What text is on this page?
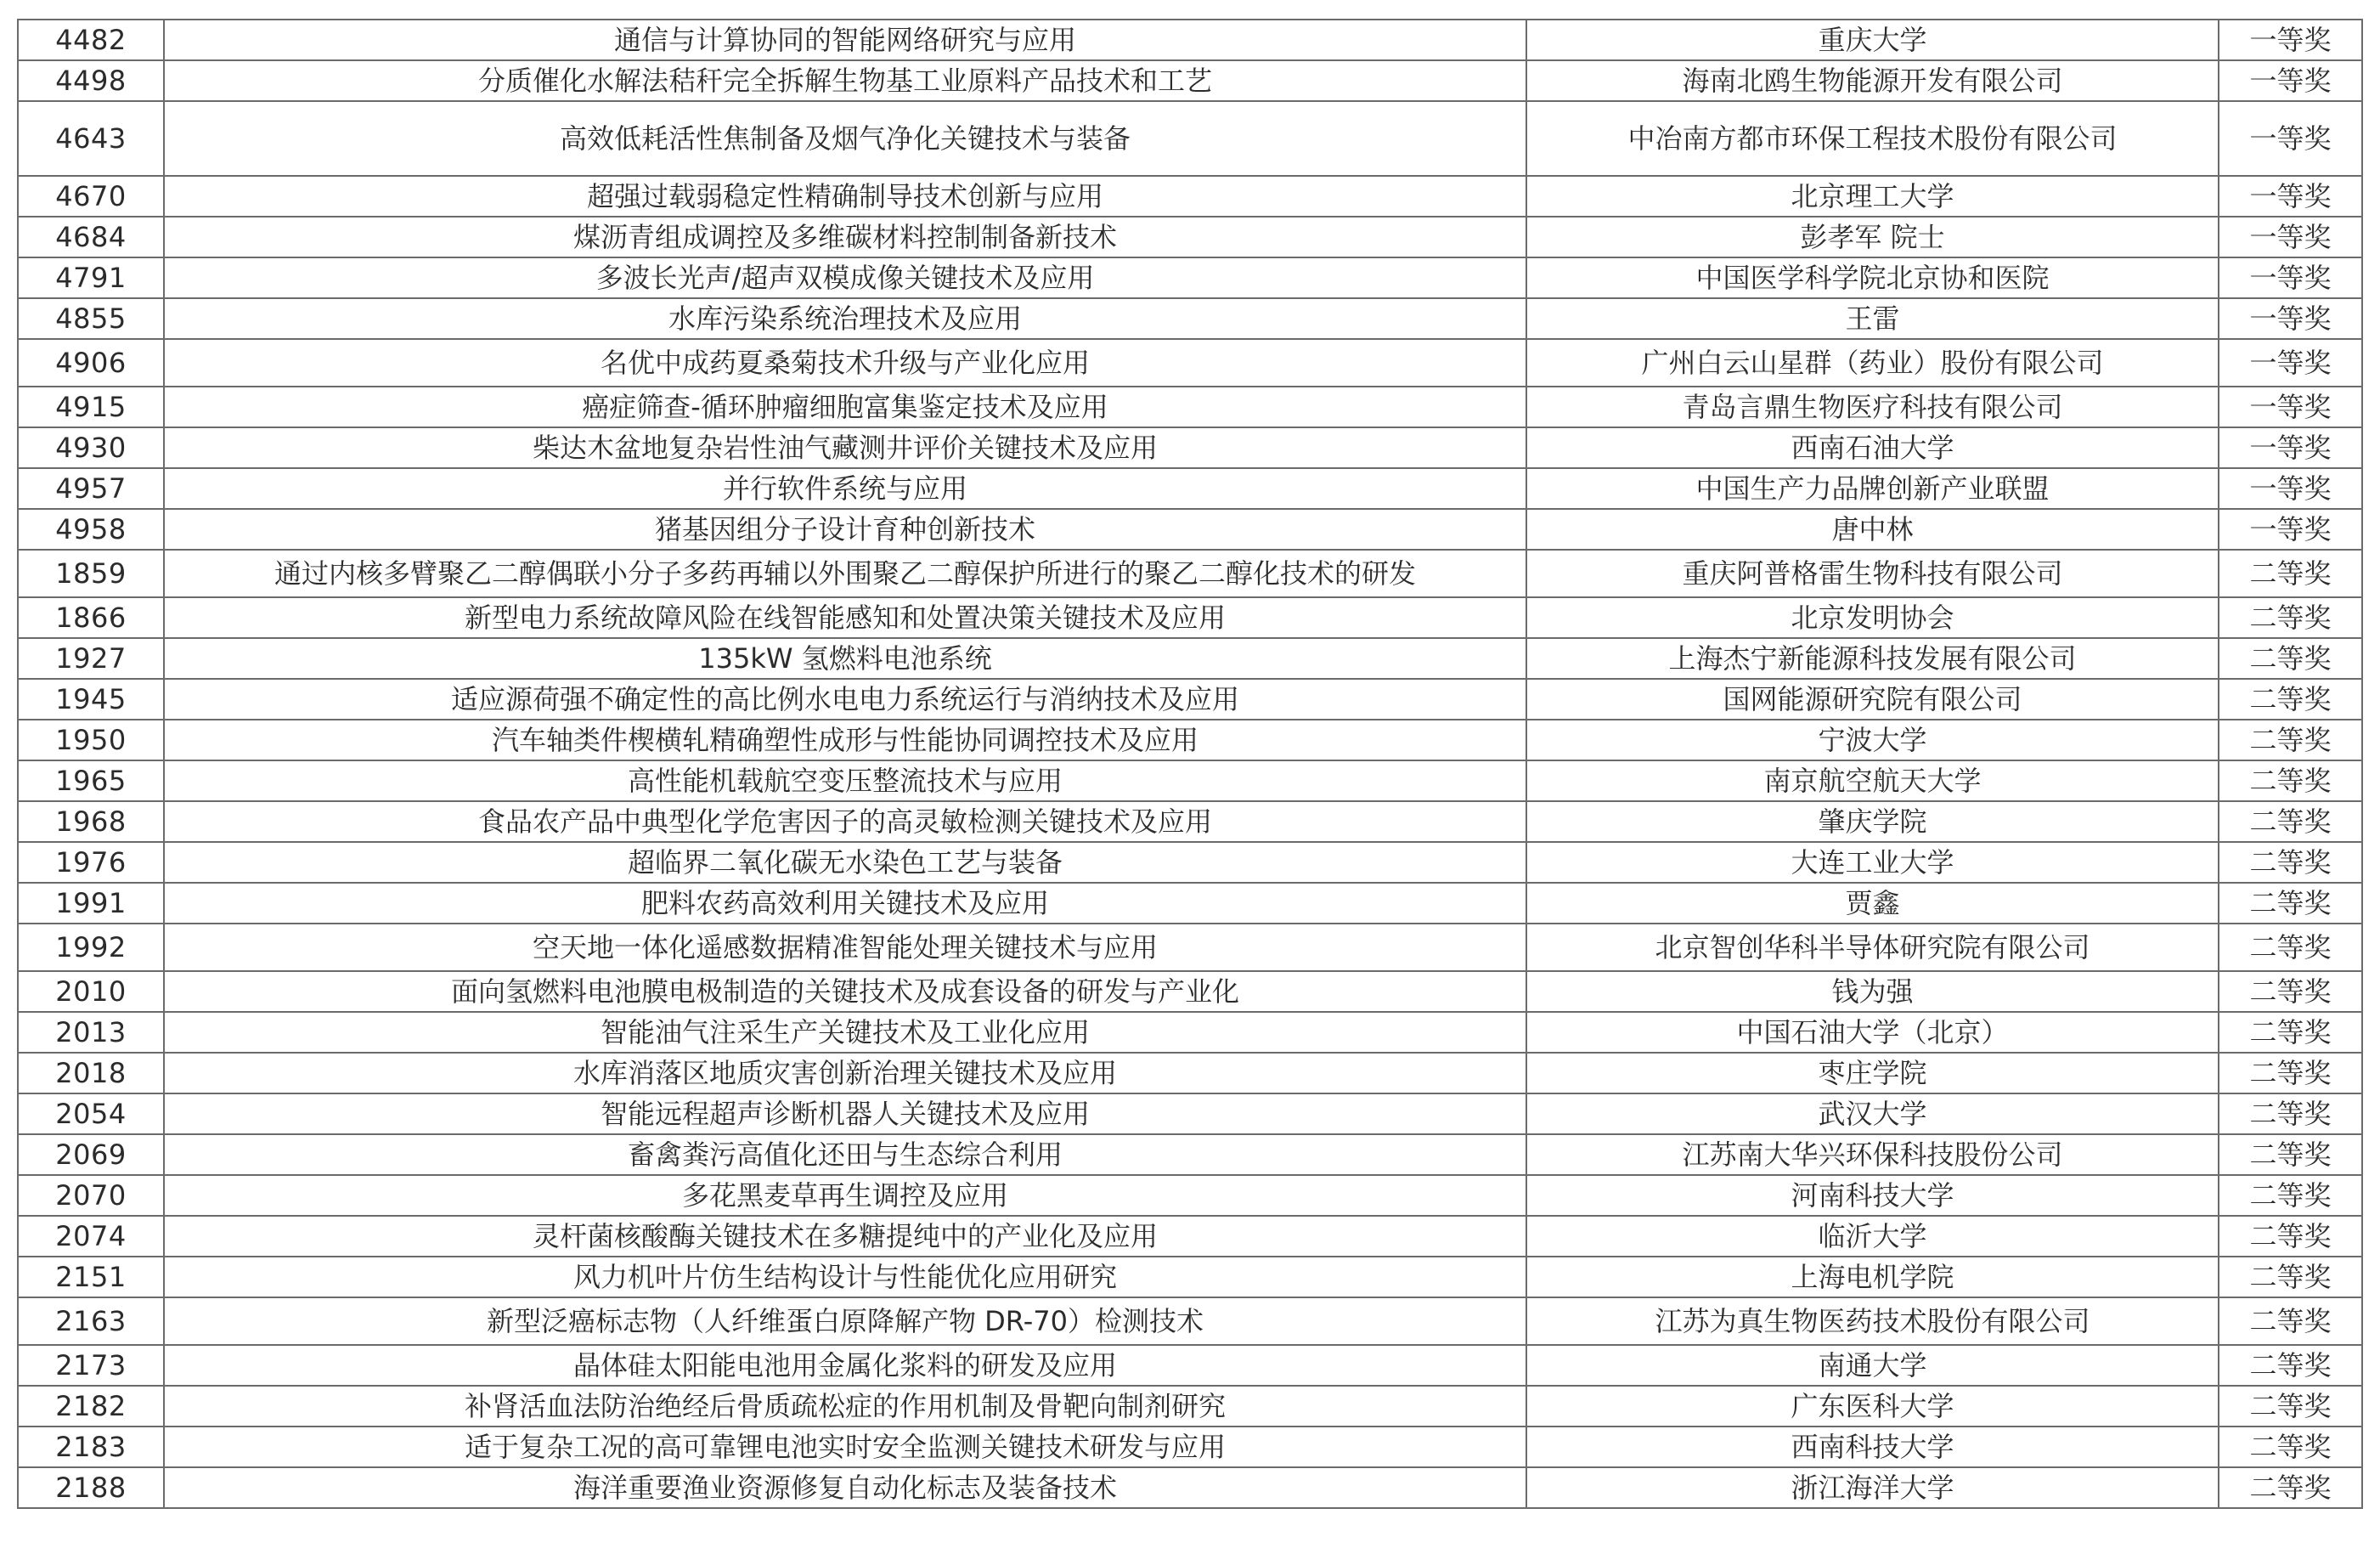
4482	通信与计算协同的智能网络研究与应用	重庆大学	一等奖
4498	分质催化水解法秸秆完全拆解生物基工业原料产品技术和工艺	海南北鸥生物能源开发有限公司	一等奖
4643	高效低耗活性焦制备及烟气净化关键技术与装备	中冶南方都市环保工程技术股份有限公司	一等奖
4670	超强过载弱稳定性精确制导技术创新与应用	北京理工大学	一等奖
4684	煤沥青组成调控及多维碳材料控制制备新技术	彭孝军 院士	一等奖
4791	多波长光声/超声双模成像关键技术及应用	中国医学科学院北京协和医院	一等奖
4855	水库污染系统治理技术及应用	王雷	一等奖
4906	名优中成药夏桑菊技术升级与产业化应用	广州白云山星群（药业）股份有限公司	一等奖
4915	癌症筛查-循环肿瘤细胞富集鉴定技术及应用	青岛言鼎生物医疗科技有限公司	一等奖
4930	柴达木盆地复杂岩性油气藏测井评价关键技术及应用	西南石油大学	一等奖
4957	并行软件系统与应用	中国生产力品牌创新产业联盟	一等奖
4958	猪基因组分子设计育种创新技术	唐中林	一等奖
1859	通过内核多臂聚乙二醇偶联小分子多药再辅以外围聚乙二醇保护所进行的聚乙二醇化技术的研发	重庆阿普格雷生物科技有限公司	二等奖
1866	新型电力系统故障风险在线智能感知和处置决策关键技术及应用	北京发明协会	二等奖
1927	135kW 氢燃料电池系统	上海杰宁新能源科技发展有限公司	二等奖
1945	适应源荷强不确定性的高比例水电电力系统运行与消纳技术及应用	国网能源研究院有限公司	二等奖
1950	汽车轴类件楔横轧精确塑性成形与性能协同调控技术及应用	宁波大学	二等奖
1965	高性能机载航空变压整流技术与应用	南京航空航天大学	二等奖
1968	食品农产品中典型化学危害因子的高灵敏检测关键技术及应用	肇庆学院	二等奖
1976	超临界二氧化碳无水染色工艺与装备	大连工业大学	二等奖
1991	肥料农药高效利用关键技术及应用	贾鑫	二等奖
1992	空天地一体化遥感数据精准智能处理关键技术与应用	北京智创华科半导体研究院有限公司	二等奖
2010	面向氢燃料电池膜电极制造的关键技术及成套设备的研发与产业化	钱为强	二等奖
2013	智能油气注采生产关键技术及工业化应用	中国石油大学（北京）	二等奖
2018	水库消落区地质灾害创新治理关键技术及应用	枣庄学院	二等奖
2054	智能远程超声诊断机器人关键技术及应用	武汉大学	二等奖
2069	畜禽粪污高值化还田与生态综合利用	江苏南大华兴环保科技股份公司	二等奖
2070	多花黑麦草再生调控及应用	河南科技大学	二等奖
2074	灵杆菌核酸酶关键技术在多糖提纯中的产业化及应用	临沂大学	二等奖
2151	风力机叶片仿生结构设计与性能优化应用研究	上海电机学院	二等奖
2163	新型泛癌标志物（人纤维蛋白原降解产物 DR-70）检测技术	江苏为真生物医药技术股份有限公司	二等奖
2173	晶体硅太阳能电池用金属化浆料的研发及应用	南通大学	二等奖
2182	补肾活血法防治绝经后骨质疏松症的作用机制及骨靶向制剂研究	广东医科大学	二等奖
2183	适于复杂工况的高可靠锂电池实时安全监测关键技术研发与应用	西南科技大学	二等奖
2188	海洋重要渔业资源修复自动化标志及装备技术	浙江海洋大学	二等奖
